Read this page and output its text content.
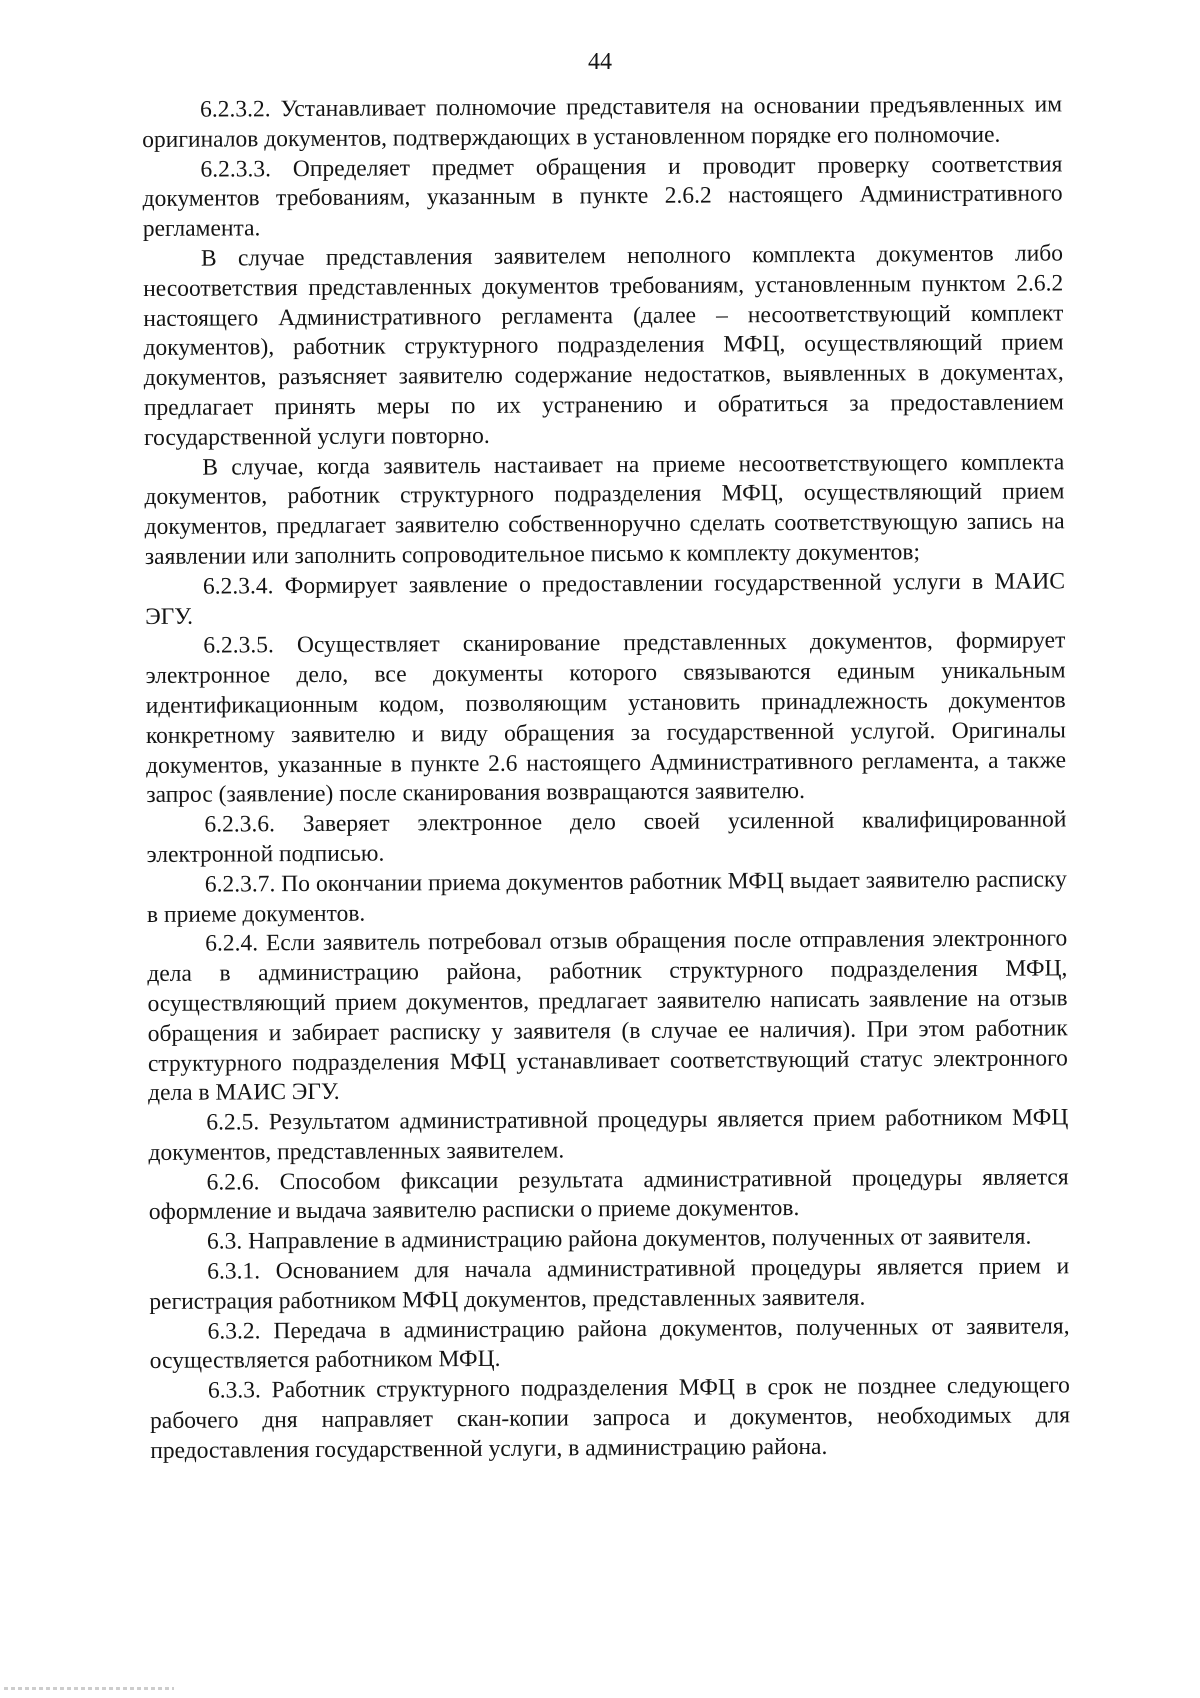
44

6.2.3.2. Устанавливает полномочие представителя на основании предъявленных им оригиналов документов, подтверждающих в установленном порядке его полномочие.

6.2.3.3. Определяет предмет обращения и проводит проверку соответствия документов требованиям, указанным в пункте 2.6.2 настоящего Административного регламента.

В случае представления заявителем неполного комплекта документов либо несоответствия представленных документов требованиям, установленным пунктом 2.6.2 настоящего Административного регламента (далее – несоответствующий комплект документов), работник структурного подразделения МФЦ, осуществляющий прием документов, разъясняет заявителю содержание недостатков, выявленных в документах, предлагает принять меры по их устранению и обратиться за предоставлением государственной услуги повторно.

В случае, когда заявитель настаивает на приеме несоответствующего комплекта документов, работник структурного подразделения МФЦ, осуществляющий прием документов, предлагает заявителю собственноручно сделать соответствующую запись на заявлении или заполнить сопроводительное письмо к комплекту документов;

6.2.3.4. Формирует заявление о предоставлении государственной услуги в МАИС ЭГУ.

6.2.3.5. Осуществляет сканирование представленных документов, формирует электронное дело, все документы которого связываются единым уникальным идентификационным кодом, позволяющим установить принадлежность документов конкретному заявителю и виду обращения за государственной услугой. Оригиналы документов, указанные в пункте 2.6 настоящего Административного регламента, а также запрос (заявление) после сканирования возвращаются заявителю.

6.2.3.6. Заверяет электронное дело своей усиленной квалифицированной электронной подписью.

6.2.3.7. По окончании приема документов работник МФЦ выдает заявителю расписку в приеме документов.

6.2.4. Если заявитель потребовал отзыв обращения после отправления электронного дела в администрацию района, работник структурного подразделения МФЦ, осуществляющий прием документов, предлагает заявителю написать заявление на отзыв обращения и забирает расписку у заявителя (в случае ее наличия). При этом работник структурного подразделения МФЦ устанавливает соответствующий статус электронного дела в МАИС ЭГУ.

6.2.5. Результатом административной процедуры является прием работником МФЦ документов, представленных заявителем.

6.2.6. Способом фиксации результата административной процедуры является оформление и выдача заявителю расписки о приеме документов.

6.3. Направление в администрацию района документов, полученных от заявителя.

6.3.1. Основанием для начала административной процедуры является прием и регистрация работником МФЦ документов, представленных заявителя.

6.3.2. Передача в администрацию района документов, полученных от заявителя, осуществляется работником МФЦ.

6.3.3. Работник структурного подразделения МФЦ в срок не позднее следующего рабочего дня направляет скан-копии запроса и документов, необходимых для предоставления государственной услуги, в администрацию района.
